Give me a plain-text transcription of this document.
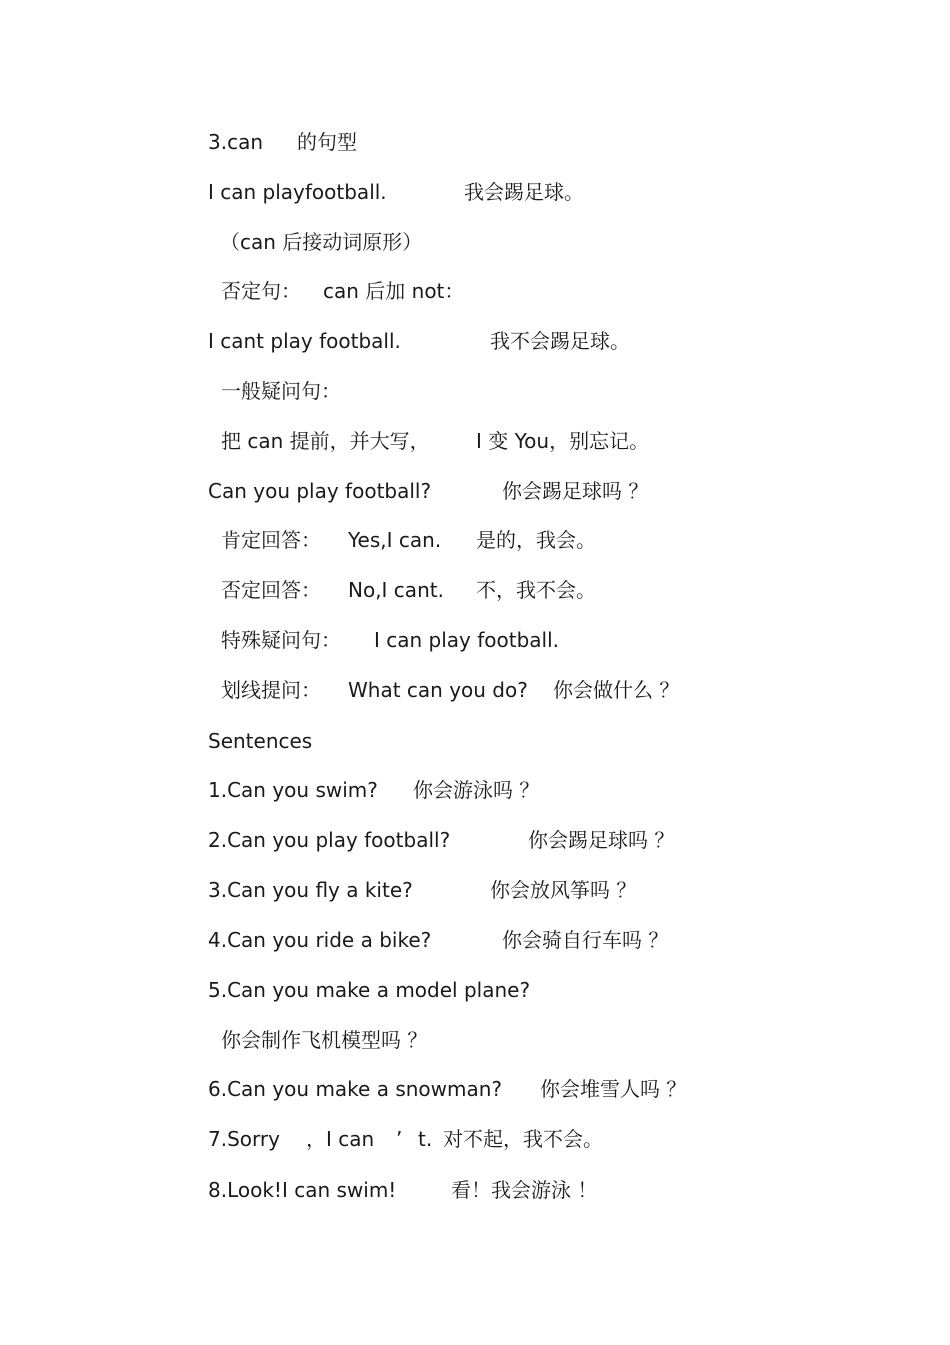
3.can 的句型
I can playfootball.	我会踢足球。
（can 后接动词原形）
否定句： can 后加 not：
I cant play football.	我不会踢足球。
一般疑问句：
把 can 提前，并大写， I 变 You，别忘记。
Can you play football?	你会踢足球吗 ？
肯定回答： Yes,I can. 是的，我会。
否定回答： No,I cant. 不，我不会。
特殊疑问句： I can play football.
划线提问： What can you do? 你会做什么 ？
Sentences
1.Can you swim? 你会游泳吗 ？
2.Can you play football?	你会踢足球吗 ？
3.Can you fly a kite?	你会放风筝吗 ？
4.Can you ride a bike?	你会骑自行车吗 ？
5.Can you make a model plane?
你会制作飞机模型吗 ？
6.Can you make a snowman? 你会堆雪人吗 ？
7.Sorry ，I can ’ t. 对不起，我不会。
8.Look!I can swim!	看！我会游泳 ！
